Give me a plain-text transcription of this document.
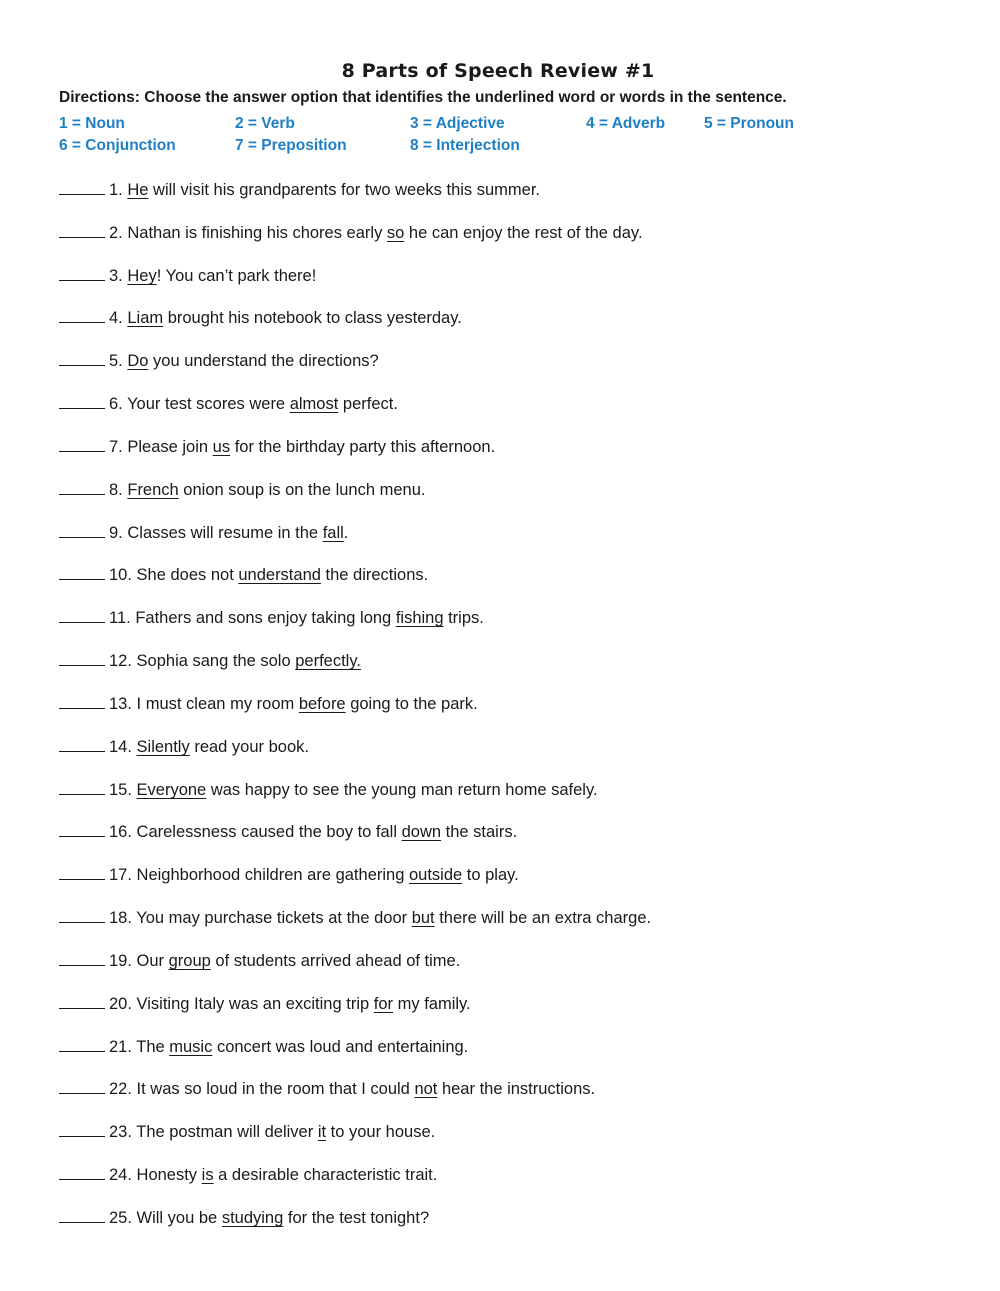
8 Parts of Speech Review #1
Directions: Choose the answer option that identifies the underlined word or words in the sentence.
1 = Noun	2 = Verb	3 = Adjective	4 = Adverb	5 = Pronoun
6 = Conjunction	7 = Preposition	8 = Interjection
1. He will visit his grandparents for two weeks this summer.
2. Nathan is finishing his chores early so he can enjoy the rest of the day.
3. Hey! You can’t park there!
4. Liam brought his notebook to class yesterday.
5. Do you understand the directions?
6. Your test scores were almost perfect.
7. Please join us for the birthday party this afternoon.
8. French onion soup is on the lunch menu.
9. Classes will resume in the fall.
10. She does not understand the directions.
11. Fathers and sons enjoy taking long fishing trips.
12. Sophia sang the solo perfectly.
13. I must clean my room before going to the park.
14. Silently read your book.
15. Everyone was happy to see the young man return home safely.
16. Carelessness caused the boy to fall down the stairs.
17. Neighborhood children are gathering outside to play.
18. You may purchase tickets at the door but there will be an extra charge.
19. Our group of students arrived ahead of time.
20. Visiting Italy was an exciting trip for my family.
21. The music concert was loud and entertaining.
22. It was so loud in the room that I could not hear the instructions.
23. The postman will deliver it to your house.
24. Honesty is a desirable characteristic trait.
25. Will you be studying for the test tonight?
